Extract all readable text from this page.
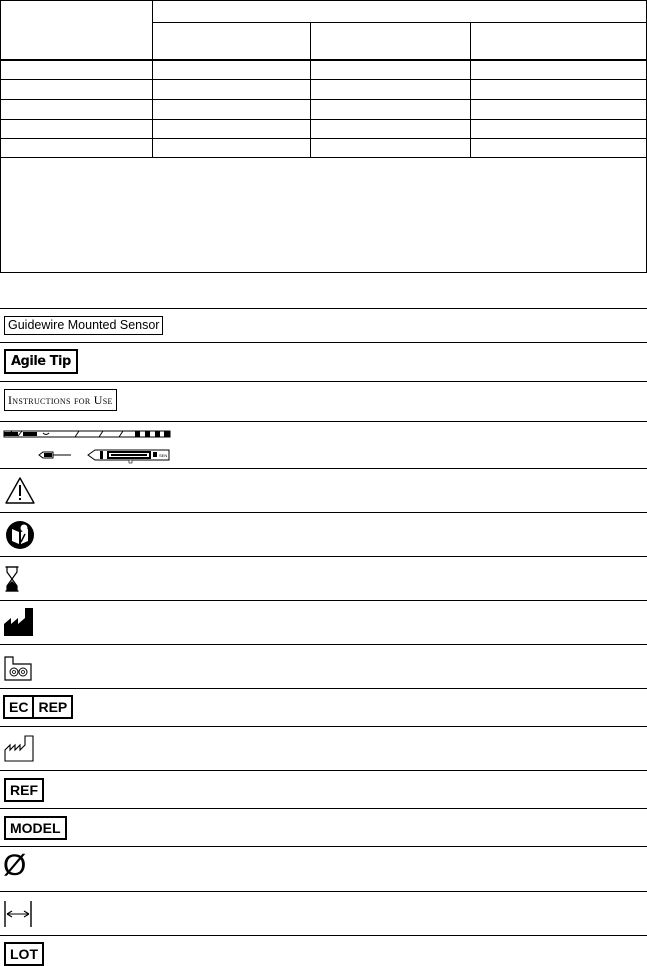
Guidewire Mounted Sensor
Agile Tip
Instructions for Use
SEN
EC REP
REF
MODEL
Ø
LOT
